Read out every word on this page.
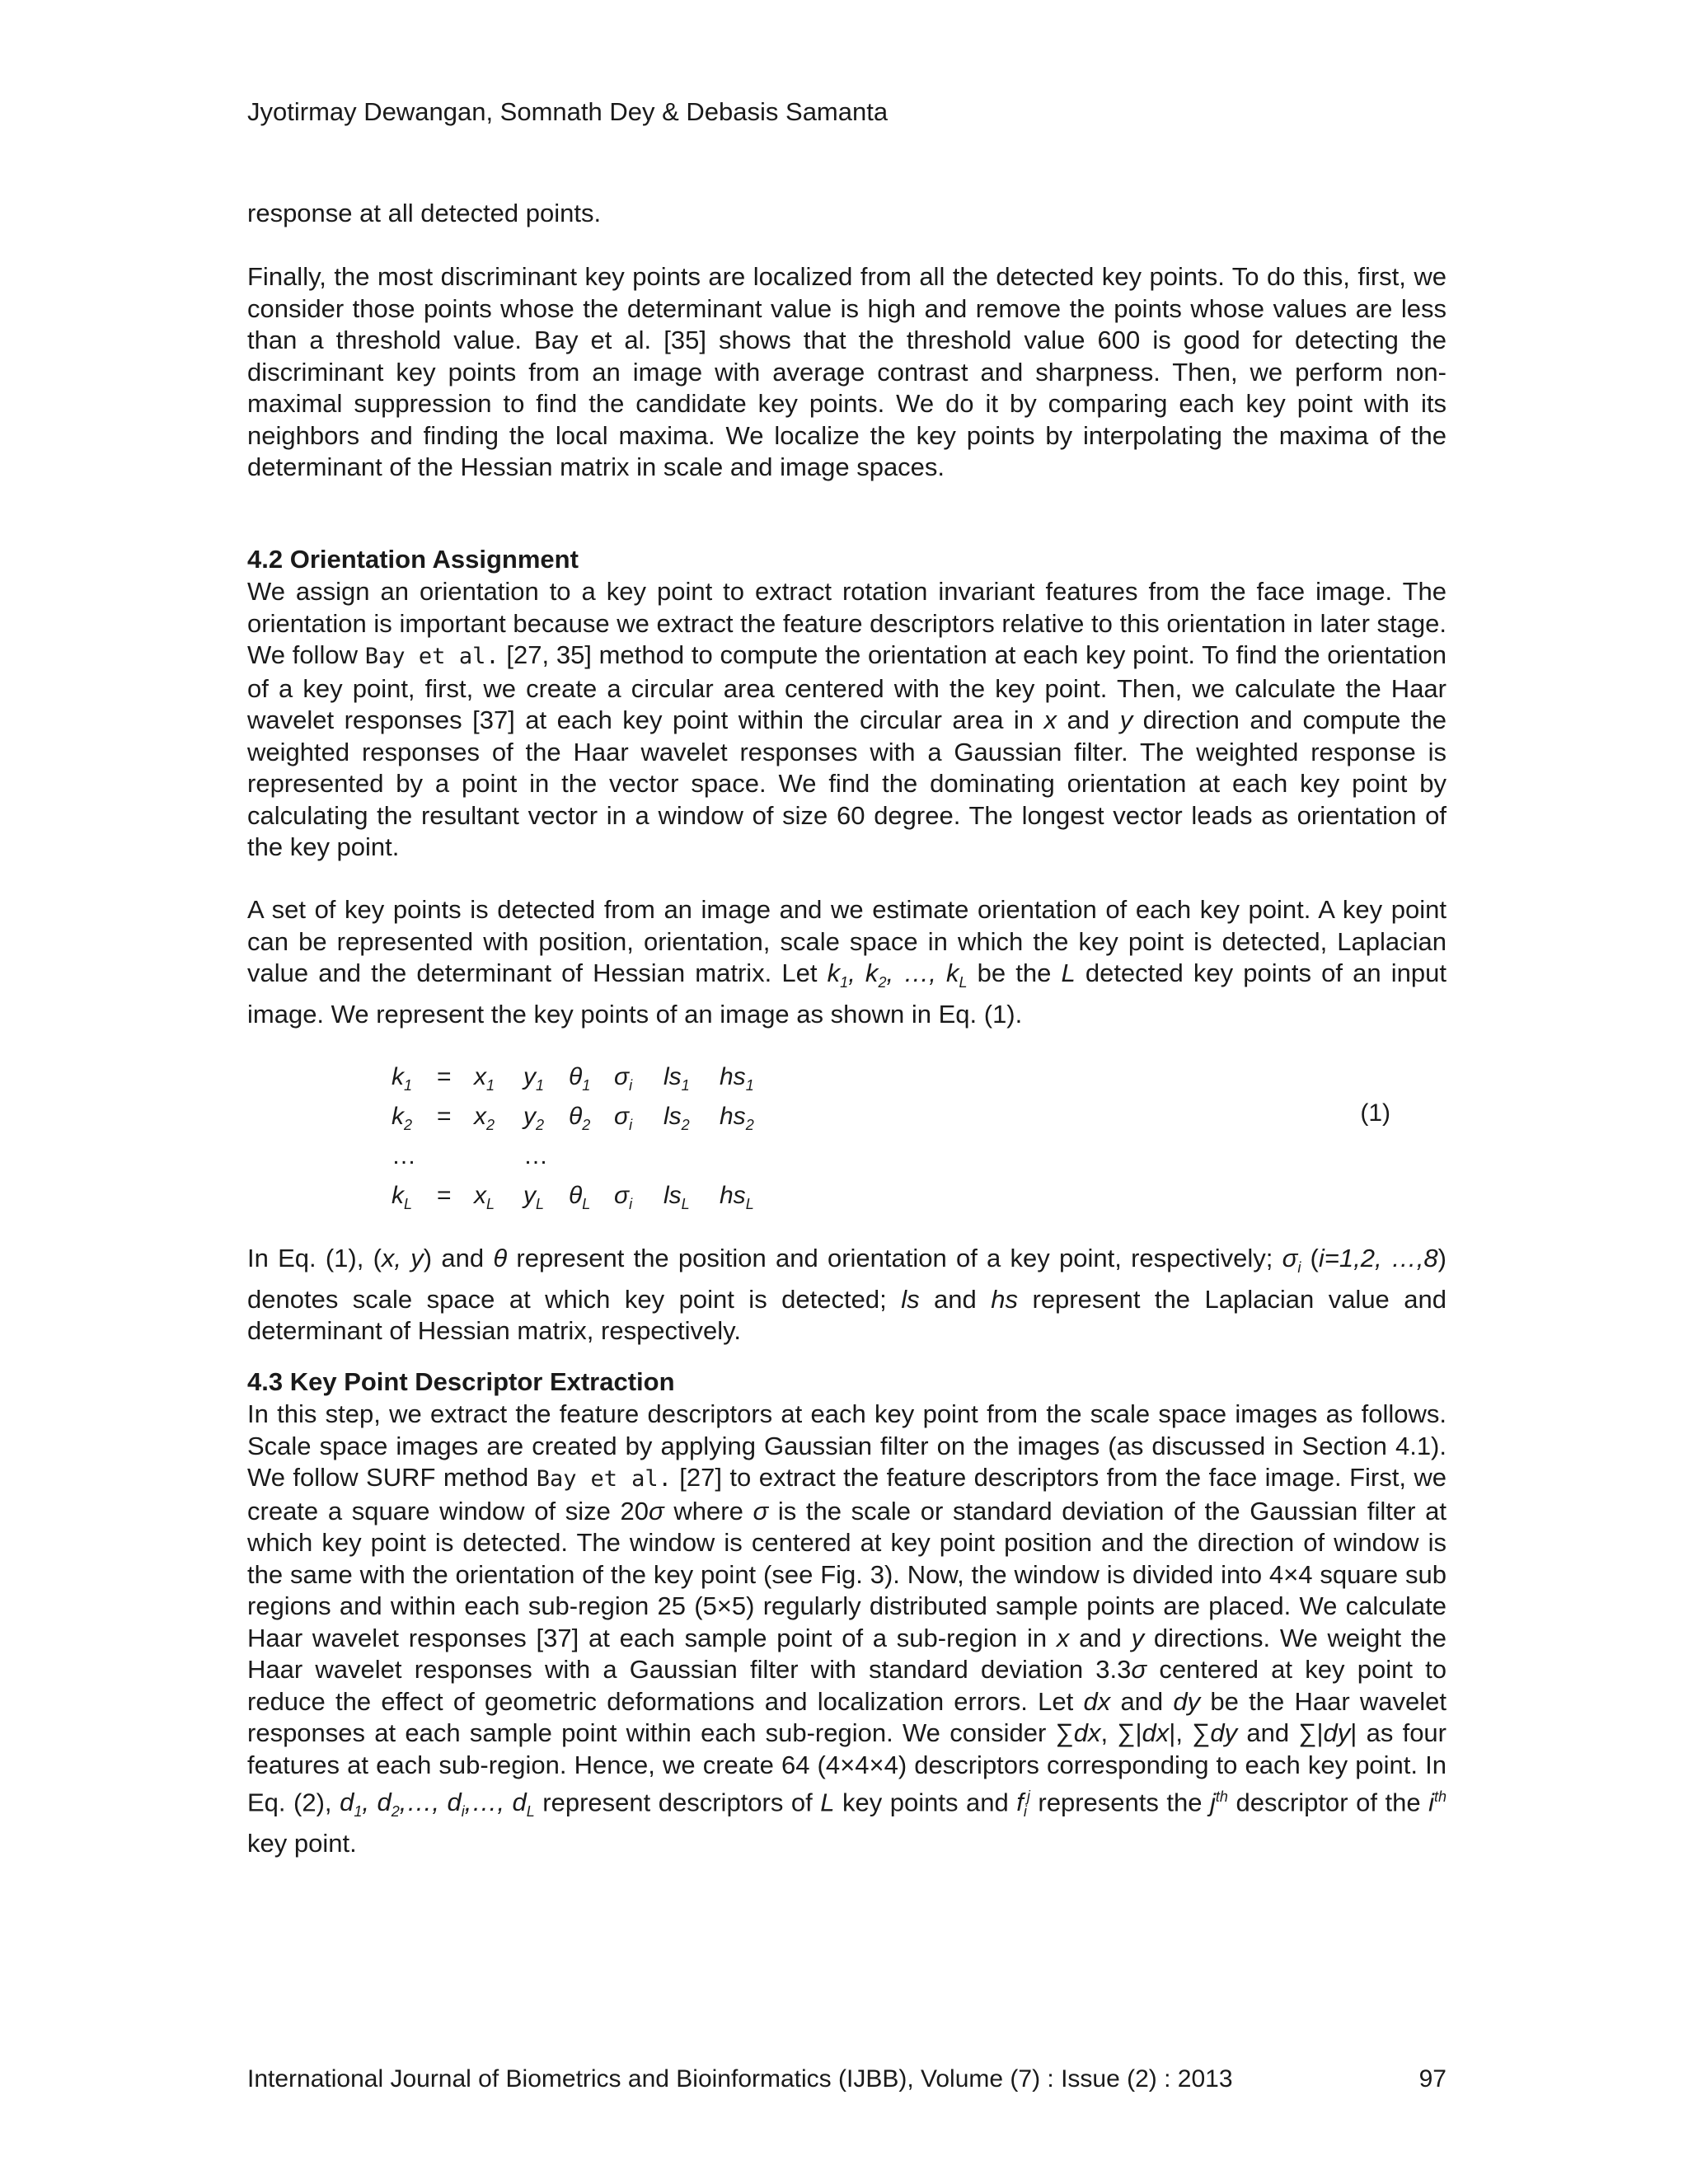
Jyotirmay Dewangan, Somnath Dey & Debasis Samanta
response at all detected points.
Finally, the most discriminant key points are localized from all the detected key points. To do this, first, we consider those points whose the determinant value is high and remove the points whose values are less than a threshold value. Bay et al. [35] shows that the threshold value 600 is good for detecting the discriminant key points from an image with average contrast and sharpness. Then, we perform non-maximal suppression to find the candidate key points. We do it by comparing each key point with its neighbors and finding the local maxima. We localize the key points by interpolating the maxima of the determinant of the Hessian matrix in scale and image spaces.
4.2 Orientation Assignment
We assign an orientation to a key point to extract rotation invariant features from the face image. The orientation is important because we extract the feature descriptors relative to this orientation in later stage. We follow Bay et al. [27, 35] method to compute the orientation at each key point. To find the orientation of a key point, first, we create a circular area centered with the key point. Then, we calculate the Haar wavelet responses [37] at each key point within the circular area in x and y direction and compute the weighted responses of the Haar wavelet responses with a Gaussian filter. The weighted response is represented by a point in the vector space. We find the dominating orientation at each key point by calculating the resultant vector in a window of size 60 degree. The longest vector leads as orientation of the key point.
A set of key points is detected from an image and we estimate orientation of each key point. A key point can be represented with position, orientation, scale space in which the key point is detected, Laplacian value and the determinant of Hessian matrix. Let $k_1$, $k_2$, …, $k_L$ be the L detected key points of an input image. We represent the key points of an image as shown in Eq. (1).
$k_1 = x_1$ $y_1$ $\theta_1$ $\sigma_i$ $ls_1$ $hs_1$
$k_2 = x_2$ $y_2$ $\theta_2$ $\sigma_i$ $ls_2$ $hs_2$
…	…
$k_L = x_L$ $y_L$ $\theta_L$ $\sigma_i$ $ls_L$ $hs_L$
(1)
In Eq. (1), (x, y) and θ represent the position and orientation of a key point, respectively; $\sigma_i$ (i=1,2, …,8) denotes scale space at which key point is detected; ls and hs represent the Laplacian value and determinant of Hessian matrix, respectively.
4.3 Key Point Descriptor Extraction
In this step, we extract the feature descriptors at each key point from the scale space images as follows. Scale space images are created by applying Gaussian filter on the images (as discussed in Section 4.1). We follow SURF method Bay et al. [27] to extract the feature descriptors from the face image. First, we create a square window of size 20σ where σ is the scale or standard deviation of the Gaussian filter at which key point is detected. The window is centered at key point position and the direction of window is the same with the orientation of the key point (see Fig. 3). Now, the window is divided into 4×4 square sub regions and within each sub-region 25 (5×5) regularly distributed sample points are placed. We calculate Haar wavelet responses [37] at each sample point of a sub-region in x and y directions. We weight the Haar wavelet responses with a Gaussian filter with standard deviation 3.3σ centered at key point to reduce the effect of geometric deformations and localization errors. Let dx and dy be the Haar wavelet responses at each sample point within each sub-region. We consider ∑dx, ∑|dx|, ∑dy and ∑|dy| as four features at each sub-region. Hence, we create 64 (4×4×4) descriptors corresponding to each key point. In Eq. (2), $d_1$, $d_2,\dots$, $d_i,\dots$, $d_L$ represent descriptors of L key points and $f_i^j$ represents the $j^{th}$ descriptor of the $i^{th}$ key point.
International Journal of Biometrics and Bioinformatics (IJBB), Volume (7) : Issue (2) : 2013	97
